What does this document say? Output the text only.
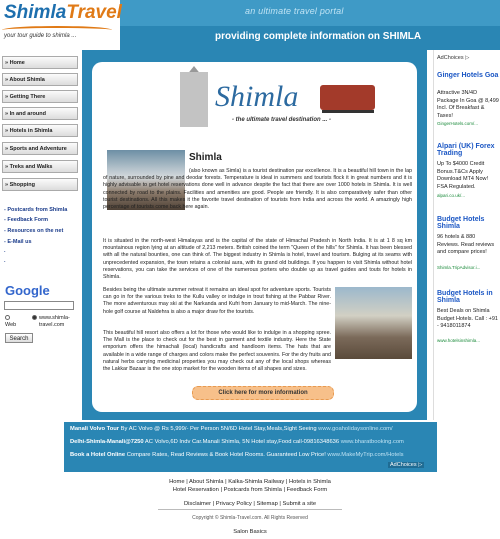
ShimlaTravel
your tour guide to shimla ...
an ultimate travel portal
providing complete information on SHIMLA
» Home
» About Shimla
» Getting There
» In and around
» Hotels in Shimla
» Sports and Adventure
» Treks and Walks
» Shopping
- Postcards from Shimla
- Feedback Form
- Resources on the net
- E-Mail us
.
.
Google
Web
www.shimla-travel.com
Search
Shimla
- the ultimate travel destination ... -
Shimla
(also known as Simla) is a tourist destination par excellence. It is a beautiful hill town in the lap of nature, surrounded by pine and deodar forests. Temperature is ideal in summers and tourists flock it in great numbers and it is highly advisable to get hotel reservations done well in advance despite the fact that there are over 1000 hotels in Shimla. It is well connected by road to the plains. Facilities and amenities are good. People are friendly. It is also comparatively safer than other tourist destinations. All this makes it the favorite travel destination of tourists from India and across the world. A amazingly high percentage of tourists come back here again.
It is situated in the north-west Himalayas and is the capital of the state of Himachal Pradesh in North India. It is at 1 8 sq km mountainous region lying at an altitude of 2,213 meters. British coined the term "Queen of the hills" for Shimla. It has been blessed with all the natural bounties, one can think of. The biggest industry in Shimla is hotel, travel and tourism. Bulging at its seams with unprecedented expansion, the town retains a colonial aura, with its grand old buildings. If you happen to visit Shimla without hotel reservations, you can take the services of one of the numerous porters who double up as travel guides and touts for hotels in Shimla.
Besides being the ultimate summer retreat it remains an ideal spot for adventure sports. Tourists can go in for the various treks to the Kullu valley or indulge in trout fishing at the Pabbar River. The more adventurous may ski at the Narkanda and Kufri from January to mid-March. The nine-hole golf course at Naldehra is also a major draw for the tourists.
This beautiful hill resort also offers a lot for those who would like to indulge in a shopping spree. The Mall is the place to check out for the best in garment and textile industry. Here the State emporium offers the himachali (local) handicrafts and handloom items. The hats that are available in a wide range of charges and colors make the perfect souvenirs. For the dry fruits and natural herbs carrying medicinal properties you may check out any of the local shops whereas the Lakkar Bazaar is the one stop market for the wooden items of all shapes and sizes.
Click here for more information
AdChoices ▷
Ginger Hotels Goa
Attractive 3N/4D Package In Goa @ 8,499 Incl. Of Breakfast & Taxes!
GingerHotels.com/...
Alpari (UK) Forex Trading
Up To $4000 Credit Bonus.T&Cs Apply Download MT4 Now! FSA Regulated.
alpari.co.uk/...
Budget Hotels Shimla
96 hotels & 880 Reviews. Read reviews and compare prices!
Shimla.TripAdvisor.i...
Budget Hotels in Shimla
Best Deals on Shimla Budget Hotels. Call : +91 - 9418011874
www.hotelsinshimla...
Manali Volvo Tour By AC Volvo @ Rs 5,999/- Per Person 5N/6D Hotel Stay,Meals,Sight Seeing www.goaholidaysonline.com/
Delhi-Shimla-Manali@7250 AC Volvo,6D Indv Car.Manali Shimla, 5N Hotel stay,Food call-09816348636 www.bharatbooking.com
Book a Hotel Online Compare Rates, Read Reviews & Book Hotel Rooms. Guaranteed Low Price! www.MakeMyTrip.com/Hotels
AdChoices ▷
Home | About Shimla | Kalka-Shimla Railway | Hotels in Shimla
Hotel Reservation | Postcards from Shimla | Feedback Form
Disclaimer | Privacy Policy | Sitemap | Submit a site
Copyright © Shimla-Travel.com. All Rights Reserved
Salon Basics
